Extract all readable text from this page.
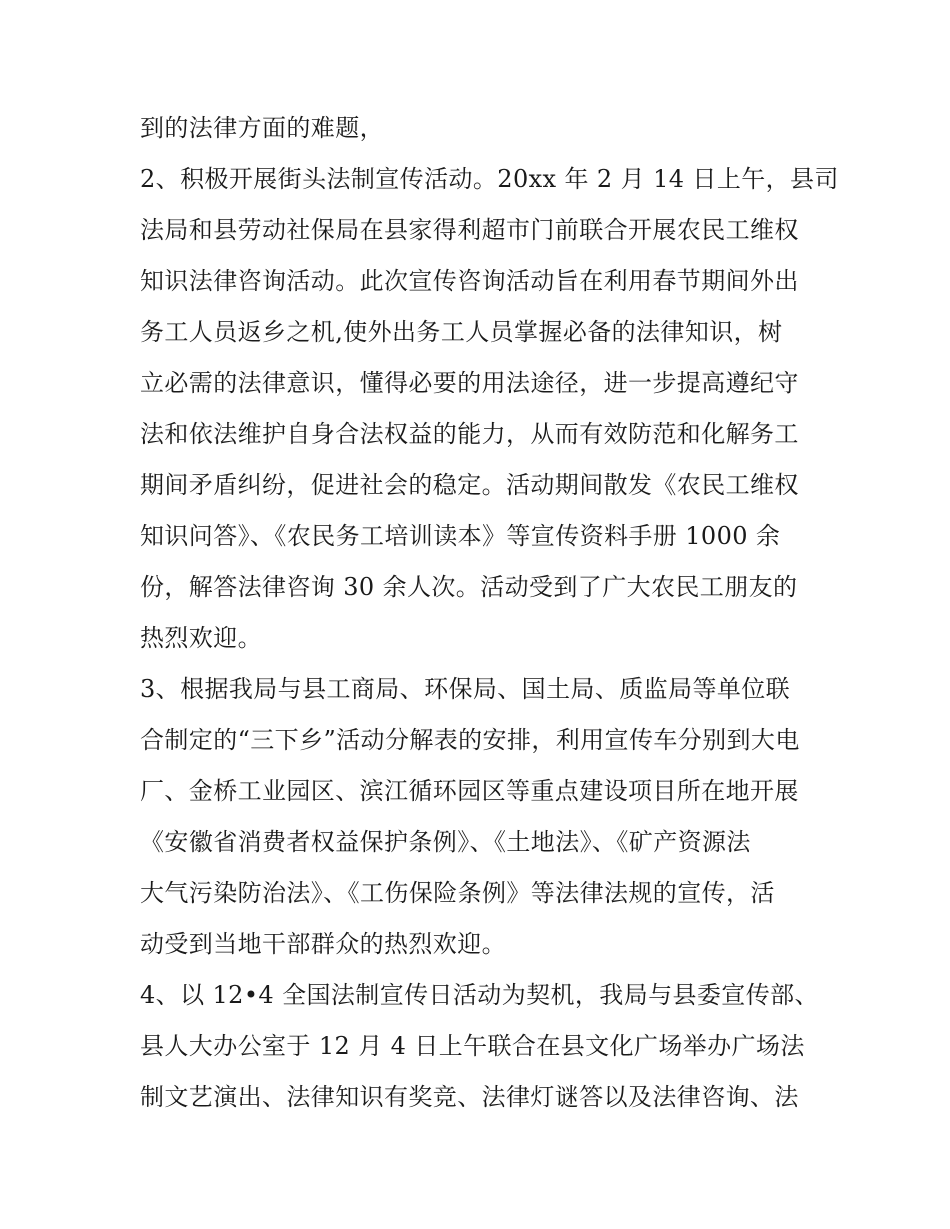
到的法律方面的难题，
2、积极开展街头法制宣传活动。20xx 年 2 月 14 日上午，县司
法局和县劳动社保局在县家得利超市门前联合开展农民工维权
知识法律咨询活动。此次宣传咨询活动旨在利用春节期间外出
务工人员返乡之机,使外出务工人员掌握必备的法律知识，树
立必需的法律意识，懂得必要的用法途径，进一步提高遵纪守
法和依法维护自身合法权益的能力，从而有效防范和化解务工
期间矛盾纠纷，促进社会的稳定。活动期间散发《农民工维权
知识问答》、《农民务工培训读本》等宣传资料手册 1000 余
份，解答法律咨询 30 余人次。活动受到了广大农民工朋友的
热烈欢迎。
3、根据我局与县工商局、环保局、国土局、质监局等单位联
合制定的“三下乡”活动分解表的安排，利用宣传车分别到大电
厂、金桥工业园区、滨江循环园区等重点建设项目所在地开展
《安徽省消费者权益保护条例》、《土地法》、《矿产资源法
大气污染防治法》、《工伤保险条例》等法律法规的宣传，活
动受到当地干部群众的热烈欢迎。
4、以 12•4 全国法制宣传日活动为契机，我局与县委宣传部、
县人大办公室于 12 月 4 日上午联合在县文化广场举办广场法
制文艺演出、法律知识有奖竞、法律灯谜答以及法律咨询、法
